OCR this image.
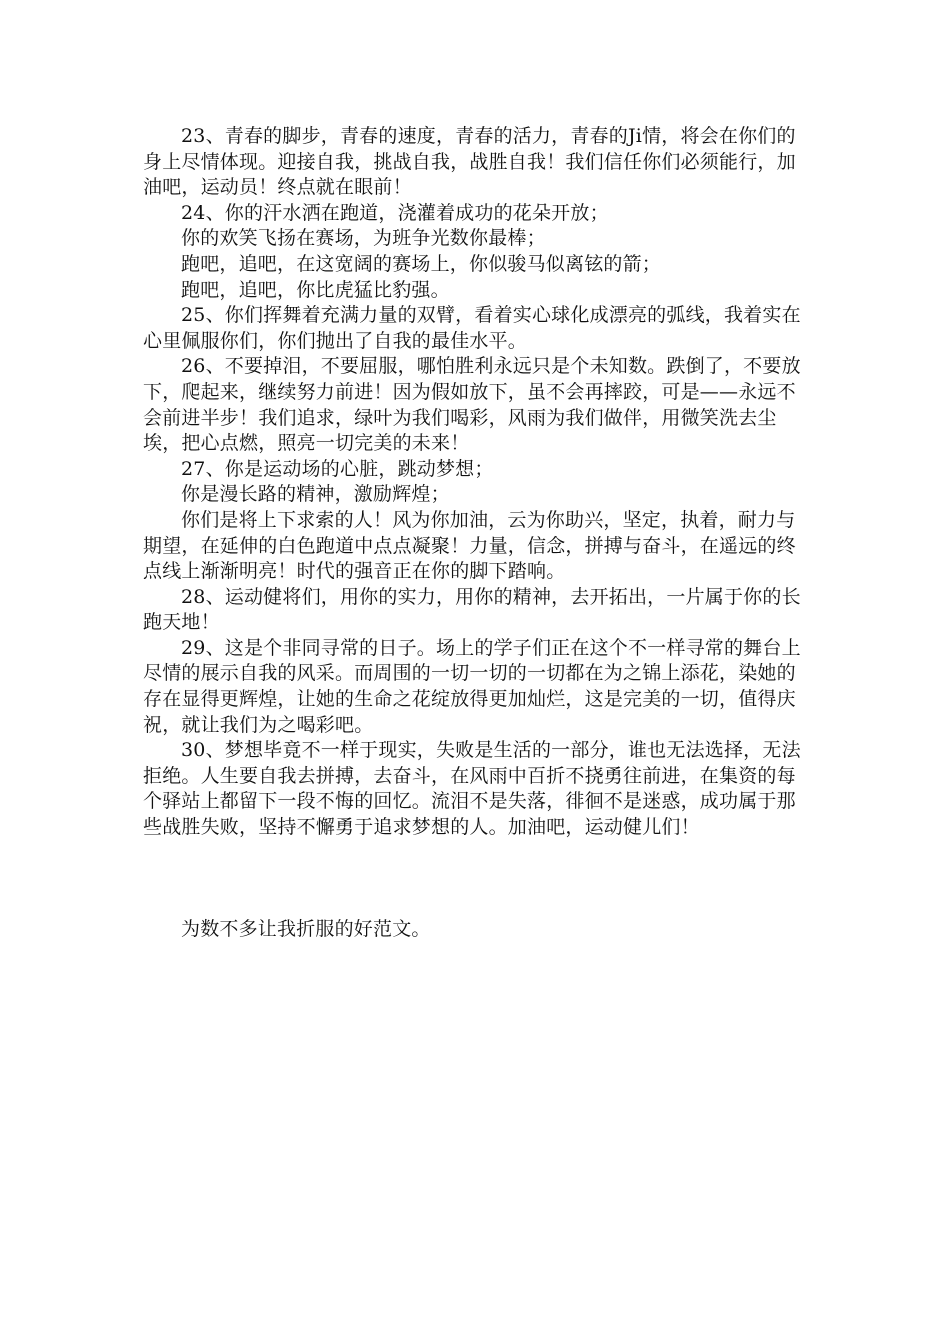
23、青春的脚步，青春的速度，青春的活力，青春的Ji情，将会在你们的身上尽情体现。迎接自我，挑战自我，战胜自我！我们信任你们必须能行，加油吧，运动员！终点就在眼前！

24、你的汗水洒在跑道，浇灌着成功的花朵开放；

你的欢笑飞扬在赛场，为班争光数你最棒；

跑吧，追吧，在这宽阔的赛场上，你似骏马似离铉的箭；

跑吧，追吧，你比虎猛比豹强。

25、你们挥舞着充满力量的双臂，看着实心球化成漂亮的弧线，我着实在心里佩服你们，你们抛出了自我的最佳水平。

26、不要掉泪，不要屈服，哪怕胜利永远只是个未知数。跌倒了，不要放下，爬起来，继续努力前进！因为假如放下，虽不会再摔跤，可是——永远不会前进半步！我们追求，绿叶为我们喝彩，风雨为我们做伴，用微笑洗去尘埃，把心点燃，照亮一切完美的未来！

27、你是运动场的心脏，跳动梦想；

你是漫长路的精神，激励辉煌；

你们是将上下求索的人！风为你加油，云为你助兴，坚定，执着，耐力与期望，在延伸的白色跑道中点点凝聚！力量，信念，拼搏与奋斗，在遥远的终点线上渐渐明亮！时代的强音正在你的脚下踏响。

28、运动健将们，用你的实力，用你的精神，去开拓出，一片属于你的长跑天地！

29、这是个非同寻常的日子。场上的学子们正在这个不一样寻常的舞台上尽情的展示自我的风采。而周围的一切一切的一切都在为之锦上添花，染她的存在显得更辉煌，让她的生命之花绽放得更加灿烂，这是完美的一切，值得庆祝，就让我们为之喝彩吧。

30、梦想毕竟不一样于现实，失败是生活的一部分，谁也无法选择，无法拒绝。人生要自我去拼搏，去奋斗，在风雨中百折不挠勇往前进，在集资的每个驿站上都留下一段不悔的回忆。流泪不是失落，徘徊不是迷惑，成功属于那些战胜失败，坚持不懈勇于追求梦想的人。加油吧，运动健儿们！

为数不多让我折服的好范文。
